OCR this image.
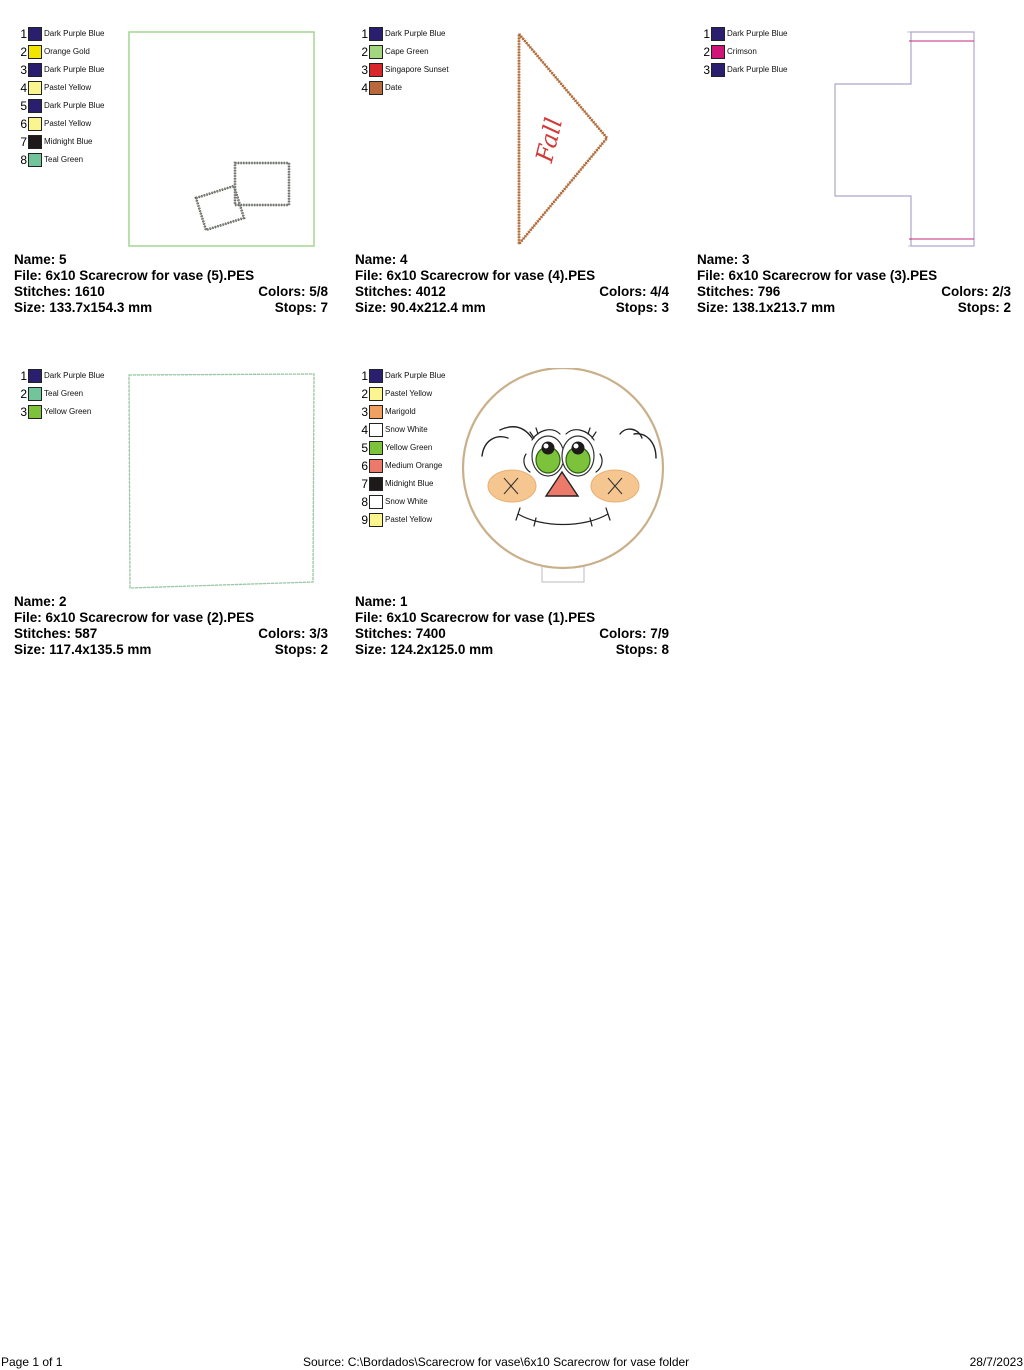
1 Dark Purple Blue
2 Orange Gold
3 Dark Purple Blue
4 Pastel Yellow
5 Dark Purple Blue
6 Pastel Yellow
7 Midnight Blue
8 Teal Green
Name: 5
File: 6x10 Scarecrow for vase (5).PES
Stitches: 1610	Colors: 5/8
Size: 133.7x154.3 mm	Stops: 7
1 Dark Purple Blue
2 Cape Green
3 Singapore Sunset
4 Date
Fall
Name: 4
File: 6x10 Scarecrow for vase (4).PES
Stitches: 4012	Colors: 4/4
Size: 90.4x212.4 mm	Stops: 3
1 Dark Purple Blue
2 Crimson
3 Dark Purple Blue
Name: 3
File: 6x10 Scarecrow for vase (3).PES
Stitches: 796	Colors: 2/3
Size: 138.1x213.7 mm	Stops: 2
1 Dark Purple Blue
2 Teal Green
3 Yellow Green
Name: 2
File: 6x10 Scarecrow for vase (2).PES
Stitches: 587	Colors: 3/3
Size: 117.4x135.5 mm	Stops: 2
1 Dark Purple Blue
2 Pastel Yellow
3 Marigold
4 Snow White
5 Yellow Green
6 Medium Orange
7 Midnight Blue
8 Snow White
9 Pastel Yellow
Name: 1
File: 6x10 Scarecrow for vase (1).PES
Stitches: 7400	Colors: 7/9
Size: 124.2x125.0 mm	Stops: 8
Page 1 of 1	Source: C:\Bordados\Scarecrow for vase\6x10 Scarecrow for vase folder	28/7/2023
